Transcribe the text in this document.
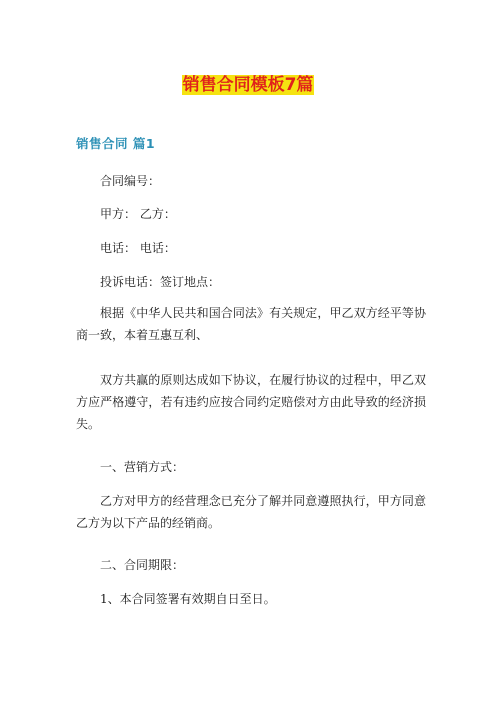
销售合同模板7篇
销售合同 篇1

合同编号：

甲方： 乙方：

电话： 电话：

投诉电话：签订地点：

根据《中华人民共和国合同法》有关规定，甲乙双方经平等协商一致，本着互惠互利、

双方共赢的原则达成如下协议，在履行协议的过程中，甲乙双方应严格遵守，若有违约应按合同约定赔偿对方由此导致的经济损失。

一、营销方式：

乙方对甲方的经营理念已充分了解并同意遵照执行，甲方同意乙方为以下产品的经销商。

二、合同期限：

1、本合同签署有效期自日至日。
